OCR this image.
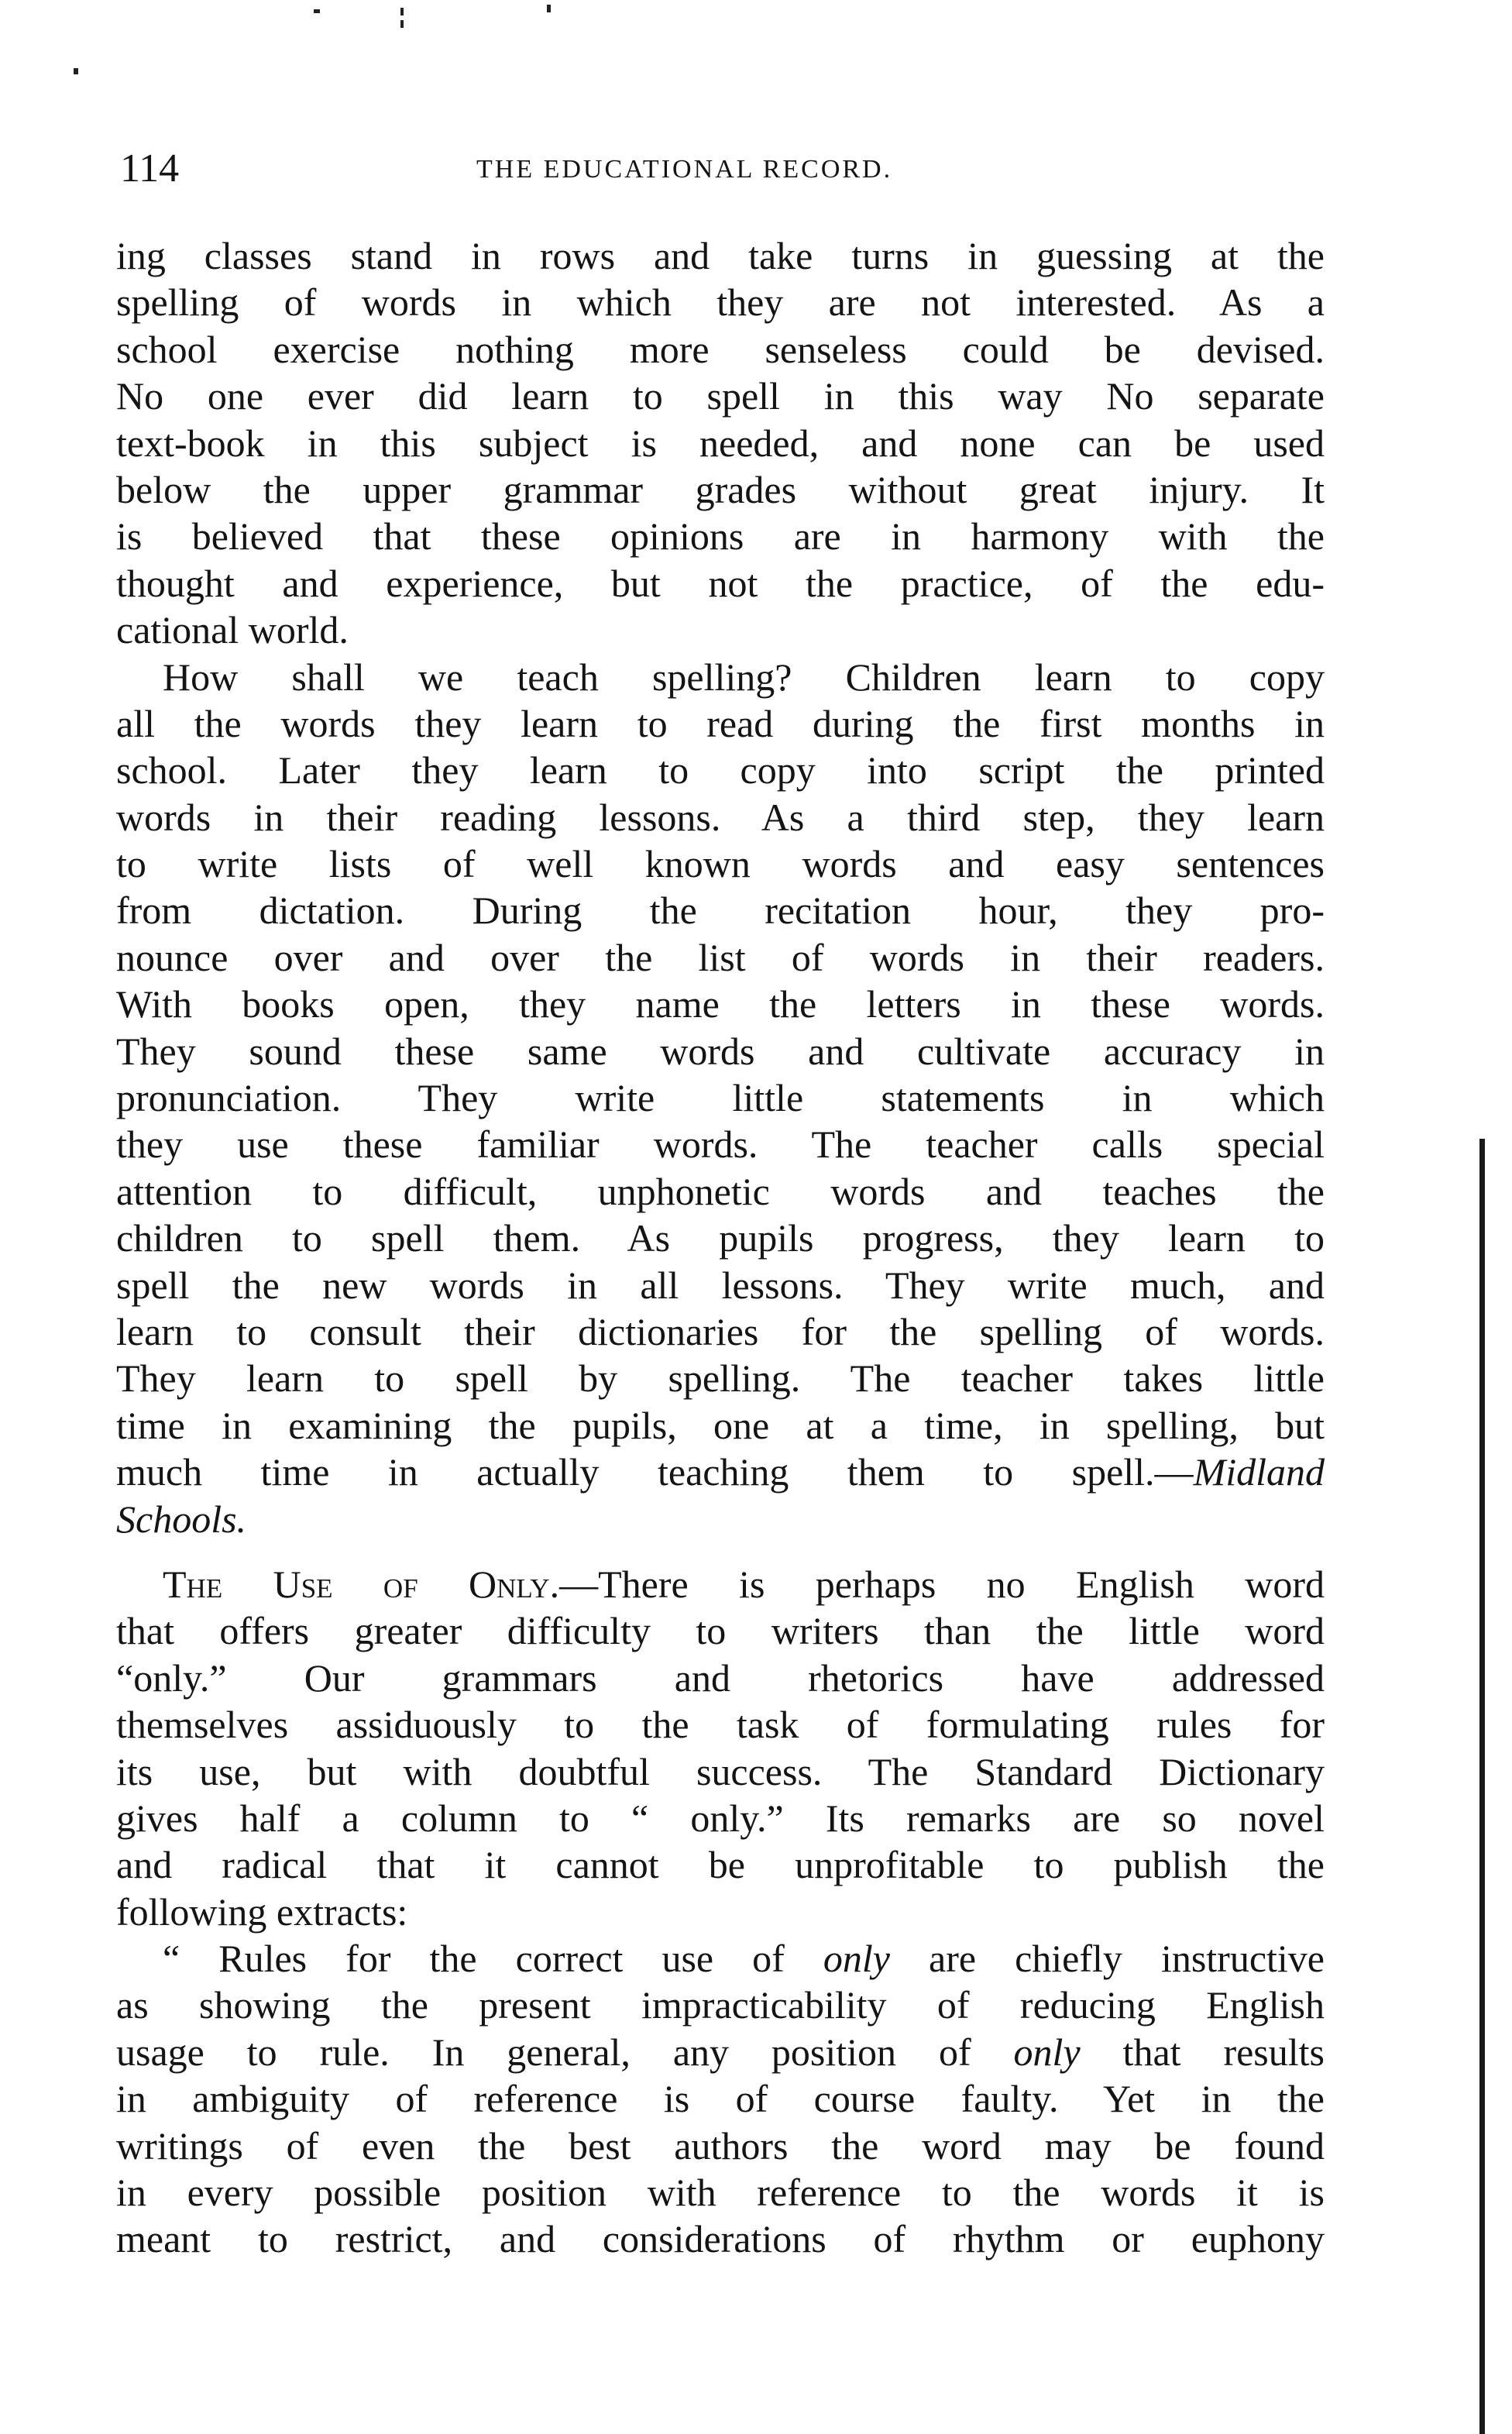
114	THE EDUCATIONAL RECORD.
ing classes stand in rows and take turns in guessing at the
spelling of words in which they are not interested. As a
school exercise nothing more senseless could be devised.
No one ever did learn to spell in this way No separate
text-book in this subject is needed, and none can be used
below the upper grammar grades without great injury. It
is believed that these opinions are in harmony with the
thought and experience, but not the practice, of the edu-
cational world.
How shall we teach spelling? Children learn to copy
all the words they learn to read during the first months in
school. Later they learn to copy into script the printed
words in their reading lessons. As a third step, they learn
to write lists of well known words and easy sentences
from dictation. During the recitation hour, they pro-
nounce over and over the list of words in their readers.
With books open, they name the letters in these words.
They sound these same words and cultivate accuracy in
pronunciation. They write little statements in which
they use these familiar words. The teacher calls special
attention to difficult, unphonetic words and teaches the
children to spell them. As pupils progress, they learn to
spell the new words in all lessons. They write much, and
learn to consult their dictionaries for the spelling of words.
They learn to spell by spelling. The teacher takes little
time in examining the pupils, one at a time, in spelling, but
much time in actually teaching them to spell.—Midland
Schools.
The Use of Only.—There is perhaps no English word
that offers greater difficulty to writers than the little word
“only.” Our grammars and rhetorics have addressed
themselves assiduously to the task of formulating rules for
its use, but with doubtful success. The Standard Dictionary
gives half a column to “ only.” Its remarks are so novel
and radical that it cannot be unprofitable to publish the
following extracts:
“ Rules for the correct use of only are chiefly instructive
as showing the present impracticability of reducing English
usage to rule. In general, any position of only that results
in ambiguity of reference is of course faulty. Yet in the
writings of even the best authors the word may be found
in every possible position with reference to the words it is
meant to restrict, and considerations of rhythm or euphony
